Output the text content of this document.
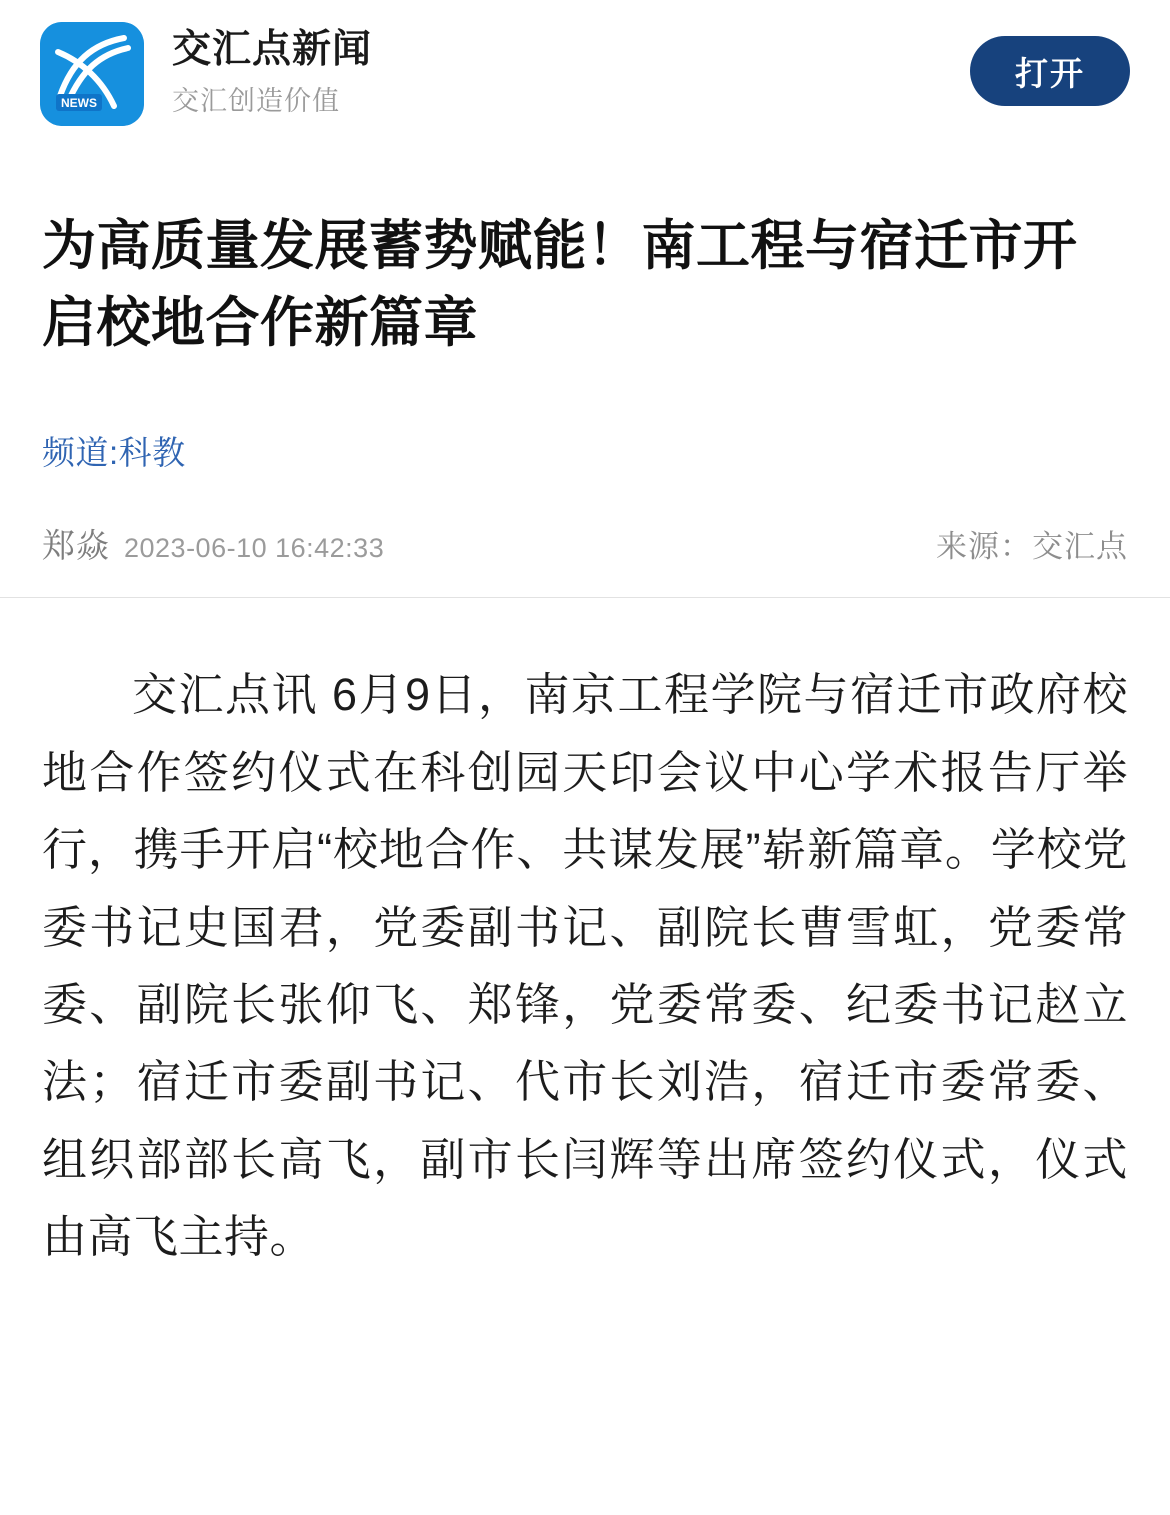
NEWS
交汇点新闻
交汇创造价值
打开
为高质量发展蓄势赋能！南工程与宿迁市开启校地合作新篇章
频道:科教
郑焱 2023-06-10 16:42:33	来源：交汇点

交汇点讯 6月9日，南京工程学院与宿迁市政府校地合作签约仪式在科创园天印会议中心学术报告厅举行，携手开启“校地合作、共谋发展”崭新篇章。学校党委书记史国君，党委副书记、副院长曹雪虹，党委常委、副院长张仰飞、郑锋，党委常委、纪委书记赵立法；宿迁市委副书记、代市长刘浩，宿迁市委常委、组织部部长高飞，副市长闫辉等出席签约仪式，仪式由高飞主持。
